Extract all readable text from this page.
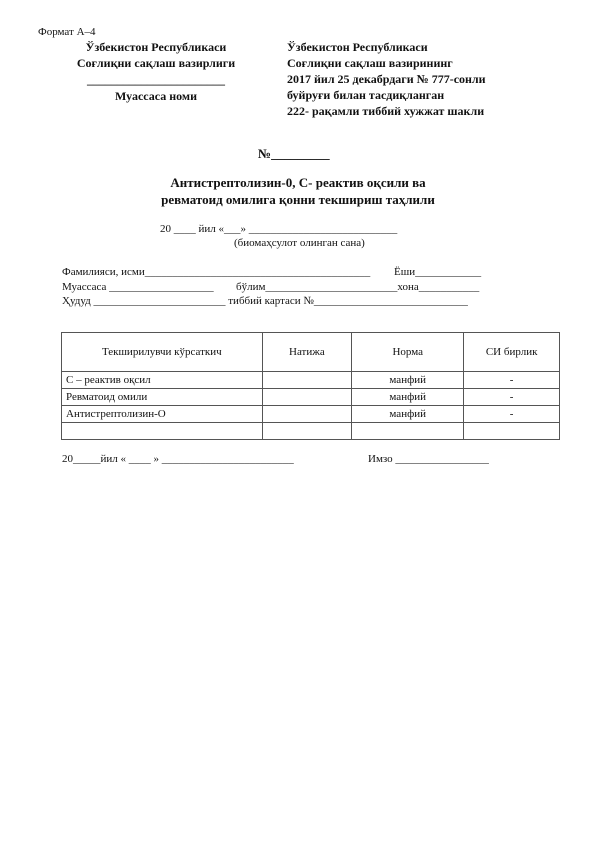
Формат А–4
Ўзбекистон Республикаси
Соғлиқни сақлаш вазирлиги
_______________________
Муассаса номи
Ўзбекистон Республикаси
Соғлиқни сақлаш вазирининг
2017 йил 25 декабрдаги № 777-сонли
буйруғи билан тасдиқланган
222- рақамли тиббий хужжат шакли
№_________
Антистрептолизин-0, С- реактив оқсили ва
ревматоид омилига қонни текшириш таҳлили
20 ____ йил «___» ___________________________
(биомаҳсулот олинган сана)
Фамилияси, исми_________________________________________ Ёши____________
Муассаса ___________________ бўлим________________________хона___________
Ҳудуд ________________________ тиббий картаси №____________________________
Текширилувчи кўрсаткич	Натижа	Норма	СИ бирлик
С – реактив оқсил		манфий	-
Ревматоид омили		манфий	-
Антистрептолизин-О		манфий	-

20_____йил « ____ » ________________________	Имзо _________________
